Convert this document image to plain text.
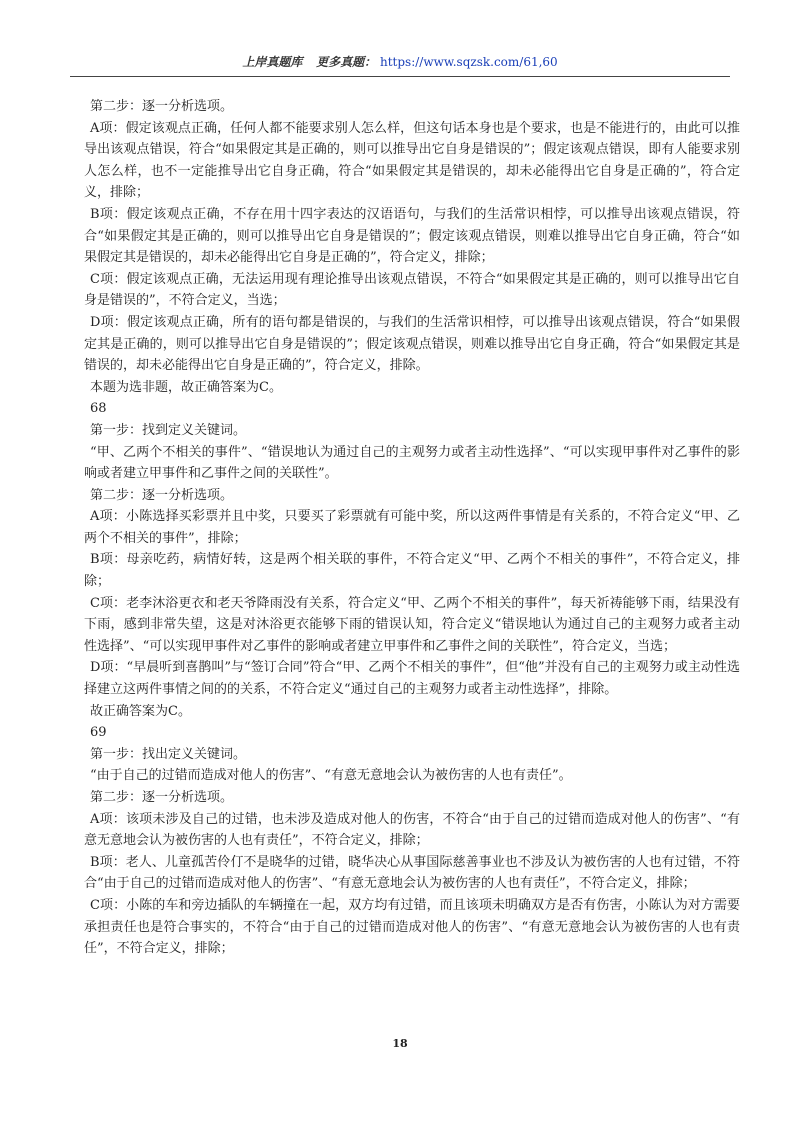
上岸真题库 更多真题： https://www.sqzsk.com/61,60

第二步：逐一分析选项。

A项：假定该观点正确，任何人都不能要求别人怎么样，但这句话本身也是个要求，也是不能进行的，由此可以推导出该观点错误，符合“如果假定其是正确的，则可以推导出它自身是错误的”；假定该观点错误，即有人能要求别人怎么样，也不一定能推导出它自身正确，符合“如果假定其是错误的，却未必能得出它自身是正确的”，符合定义，排除；

B项：假定该观点正确，不存在用十四字表达的汉语语句，与我们的生活常识相悖，可以推导出该观点错误，符合“如果假定其是正确的，则可以推导出它自身是错误的”；假定该观点错误，则难以推导出它自身正确，符合“如果假定其是错误的，却未必能得出它自身是正确的”，符合定义，排除；

C项：假定该观点正确，无法运用现有理论推导出该观点错误，不符合“如果假定其是正确的，则可以推导出它自身是错误的”，不符合定义，当选；

D项：假定该观点正确，所有的语句都是错误的，与我们的生活常识相悖，可以推导出该观点错误，符合“如果假定其是正确的，则可以推导出它自身是错误的”；假定该观点错误，则难以推导出它自身正确，符合“如果假定其是错误的，却未必能得出它自身是正确的”，符合定义，排除。

本题为选非题，故正确答案为C。

68

第一步：找到定义关键词。

“甲、乙两个不相关的事件”、“错误地认为通过自己的主观努力或者主动性选择”、“可以实现甲事件对乙事件的影响或者建立甲事件和乙事件之间的关联性”。

第二步：逐一分析选项。

A项：小陈选择买彩票并且中奖，只要买了彩票就有可能中奖，所以这两件事情是有关系的，不符合定义“甲、乙两个不相关的事件”，排除；

B项：母亲吃药，病情好转，这是两个相关联的事件，不符合定义“甲、乙两个不相关的事件”，不符合定义，排除；

C项：老李沐浴更衣和老天爷降雨没有关系，符合定义“甲、乙两个不相关的事件”，每天祈祷能够下雨，结果没有下雨，感到非常失望，这是对沐浴更衣能够下雨的错误认知，符合定义“错误地认为通过自己的主观努力或者主动性选择”、“可以实现甲事件对乙事件的影响或者建立甲事件和乙事件之间的关联性”，符合定义，当选；

D项：“早晨听到喜鹊叫”与“签订合同”符合“甲、乙两个不相关的事件”，但“他”并没有自己的主观努力或主动性选择建立这两件事情之间的的关系，不符合定义“通过自己的主观努力或者主动性选择”，排除。

故正确答案为C。

69

第一步：找出定义关键词。

“由于自己的过错而造成对他人的伤害”、“有意无意地会认为被伤害的人也有责任”。

第二步：逐一分析选项。

A项：该项未涉及自己的过错，也未涉及造成对他人的伤害，不符合“由于自己的过错而造成对他人的伤害”、“有意无意地会认为被伤害的人也有责任”，不符合定义，排除；

B项：老人、儿童孤苦伶仃不是晓华的过错，晓华决心从事国际慈善事业也不涉及认为被伤害的人也有过错，不符合“由于自己的过错而造成对他人的伤害”、“有意无意地会认为被伤害的人也有责任”，不符合定义，排除；

C项：小陈的车和旁边插队的车辆撞在一起，双方均有过错，而且该项未明确双方是否有伤害，小陈认为对方需要承担责任也是符合事实的，不符合“由于自己的过错而造成对他人的伤害”、“有意无意地会认为被伤害的人也有责任”，不符合定义，排除；

18
